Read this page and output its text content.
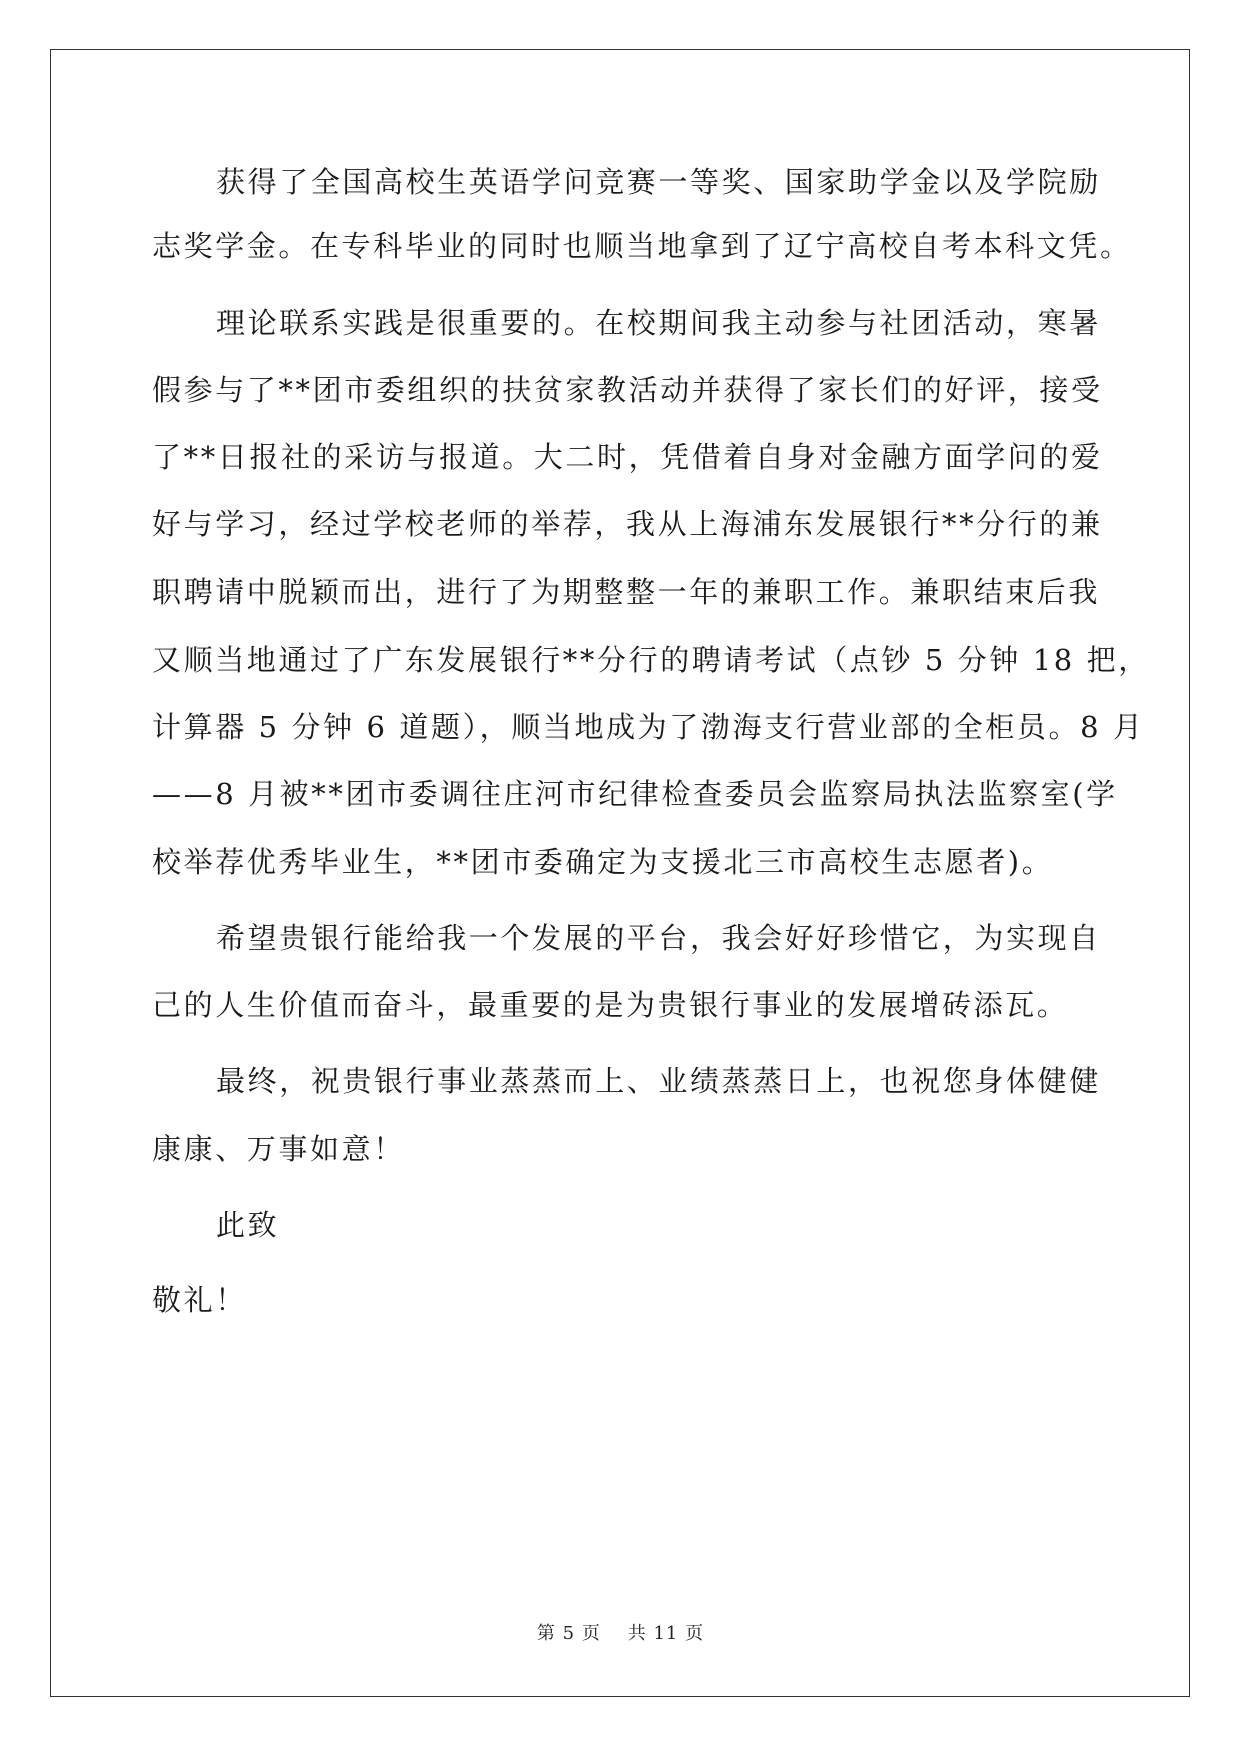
获得了全国高校生英语学问竞赛一等奖、国家助学金以及学院励
志奖学金。在专科毕业的同时也顺当地拿到了辽宁高校自考本科文凭。
理论联系实践是很重要的。在校期间我主动参与社团活动，寒暑
假参与了**团市委组织的扶贫家教活动并获得了家长们的好评，接受
了**日报社的采访与报道。大二时，凭借着自身对金融方面学问的爱
好与学习，经过学校老师的举荐，我从上海浦东发展银行**分行的兼
职聘请中脱颖而出，进行了为期整整一年的兼职工作。兼职结束后我
又顺当地通过了广东发展银行**分行的聘请考试（点钞 5 分钟 18 把，
计算器 5 分钟 6 道题），顺当地成为了渤海支行营业部的全柜员。8 月
——8 月被**团市委调往庄河市纪律检查委员会监察局执法监察室(学
校举荐优秀毕业生，**团市委确定为支援北三市高校生志愿者)。
希望贵银行能给我一个发展的平台，我会好好珍惜它，为实现自
己的人生价值而奋斗，最重要的是为贵银行事业的发展增砖添瓦。
最终，祝贵银行事业蒸蒸而上、业绩蒸蒸日上，也祝您身体健健
康康、万事如意！
此致
敬礼！
第 5 页 共 11 页
